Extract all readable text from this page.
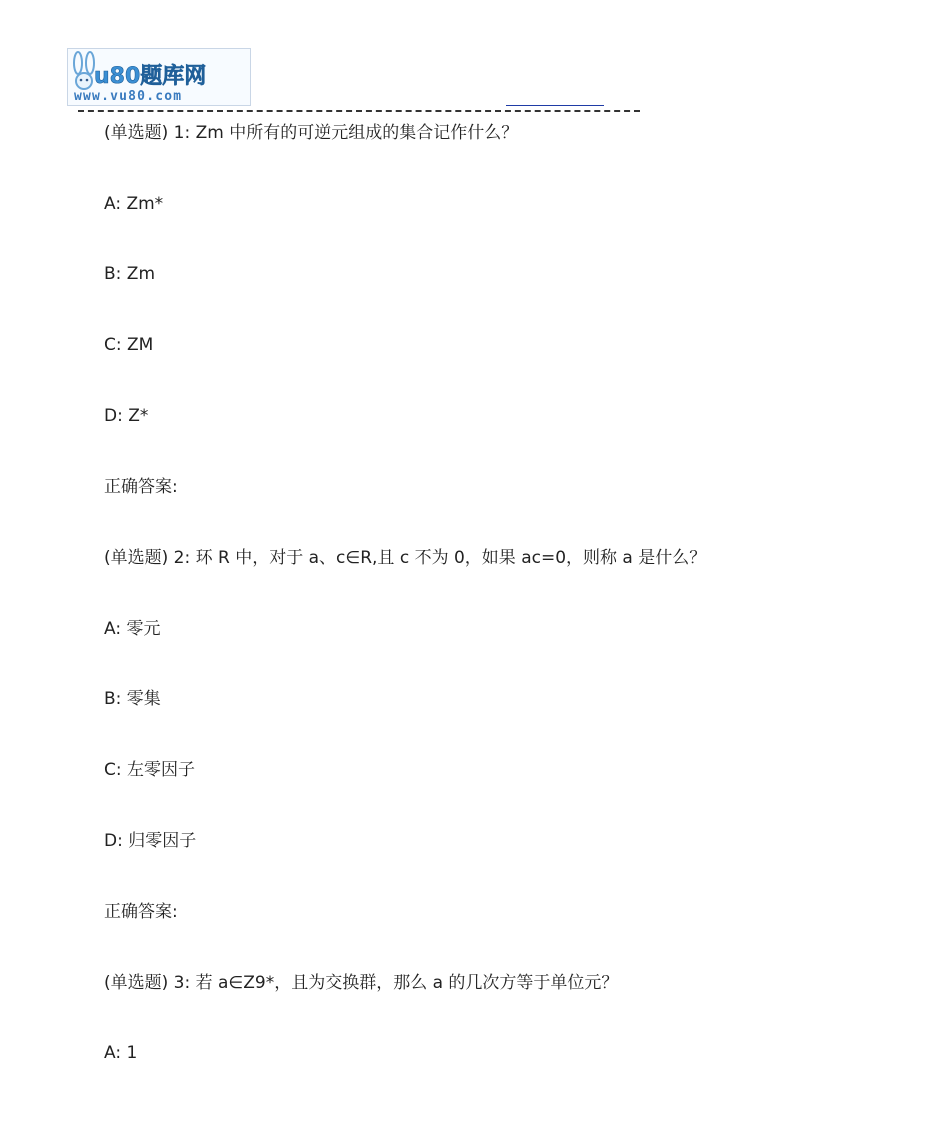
u80题库网
www.vu80.com
(单选题) 1: Zm 中所有的可逆元组成的集合记作什么？
A: Zm*
B: Zm
C: ZM
D: Z*
正确答案:
(单选题) 2: 环 R 中，对于 a、c∈R,且 c 不为 0，如果 ac=0，则称 a 是什么？
A: 零元
B: 零集
C: 左零因子
D: 归零因子
正确答案:
(单选题) 3: 若 a∈Z9*，且为交换群，那么 a 的几次方等于单位元？
A: 1
